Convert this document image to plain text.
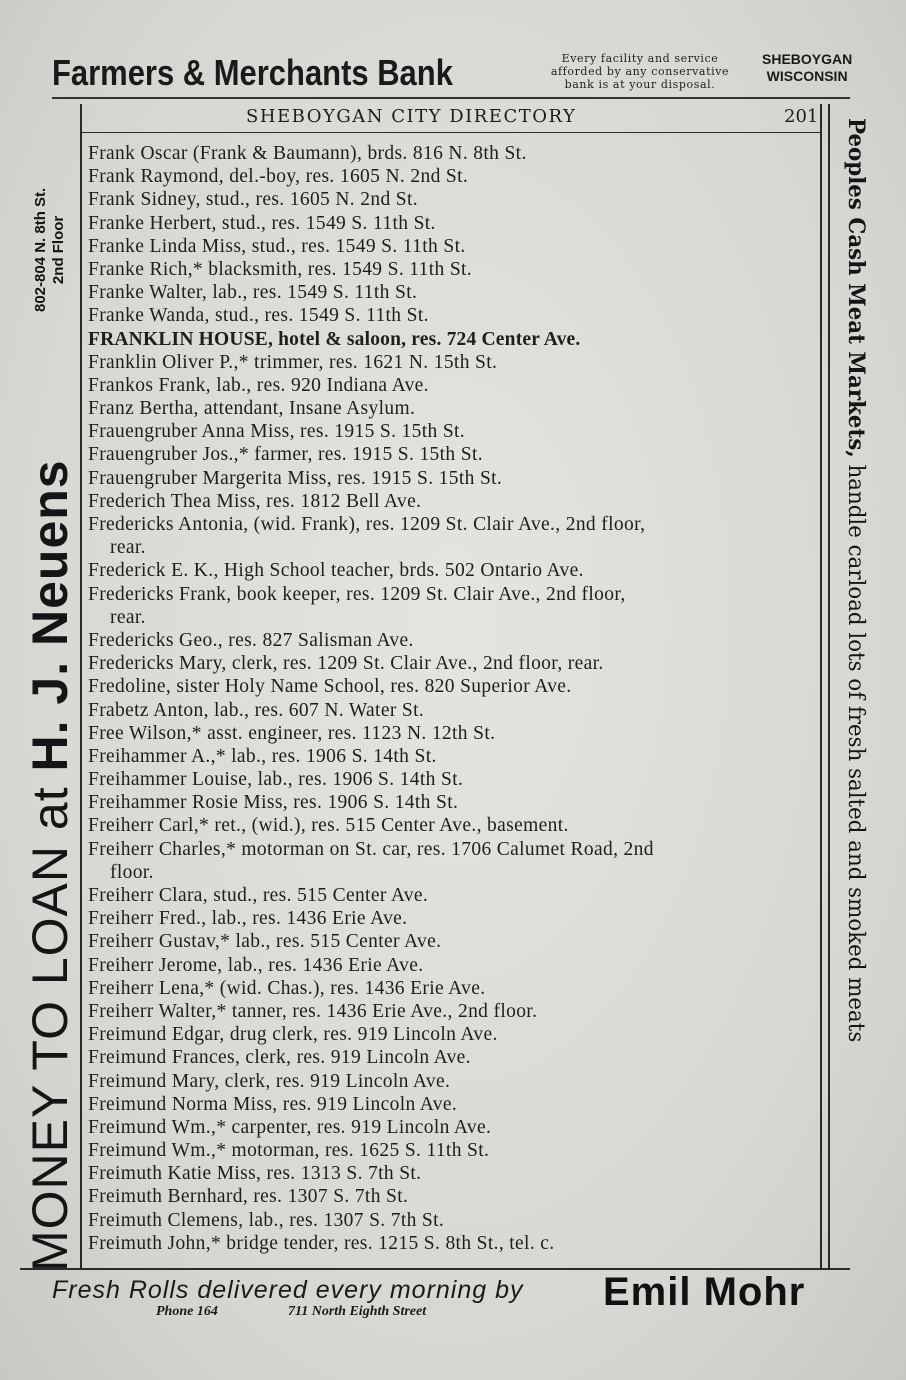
Farmers & Merchants Bank	Every facility and service
afforded by any conservative
bank is at your disposal.
SHEBOYGAN
WISCONSIN
MONEY TO LOAN at H. J. Neuens
802-804 N. 8th St. 2nd Floor	Peoples Cash Meat Markets, handle carload lots of fresh salted and smoked meats
SHEBOYGAN CITY DIRECTORY	201
Frank Oscar (Frank & Baumann), brds. 816 N. 8th St.
Frank Raymond, del.-boy, res. 1605 N. 2nd St.
Frank Sidney, stud., res. 1605 N. 2nd St.
Franke Herbert, stud., res. 1549 S. 11th St.
Franke Linda Miss, stud., res. 1549 S. 11th St.
Franke Rich,* blacksmith, res. 1549 S. 11th St.
Franke Walter, lab., res. 1549 S. 11th St.
Franke Wanda, stud., res. 1549 S. 11th St.
FRANKLIN HOUSE, hotel & saloon, res. 724 Center Ave.
Franklin Oliver P.,* trimmer, res. 1621 N. 15th St.
Frankos Frank, lab., res. 920 Indiana Ave.
Franz Bertha, attendant, Insane Asylum.
Frauengruber Anna Miss, res. 1915 S. 15th St.
Frauengruber Jos.,* farmer, res. 1915 S. 15th St.
Frauengruber Margerita Miss, res. 1915 S. 15th St.
Frederich Thea Miss, res. 1812 Bell Ave.
Fredericks Antonia, (wid. Frank), res. 1209 St. Clair Ave., 2nd floor,
rear.
Frederick E. K., High School teacher, brds. 502 Ontario Ave.
Fredericks Frank, book keeper, res. 1209 St. Clair Ave., 2nd floor,
rear.
Fredericks Geo., res. 827 Salisman Ave.
Fredericks Mary, clerk, res. 1209 St. Clair Ave., 2nd floor, rear.
Fredoline, sister Holy Name School, res. 820 Superior Ave.
Frabetz Anton, lab., res. 607 N. Water St.
Free Wilson,* asst. engineer, res. 1123 N. 12th St.
Freihammer A.,* lab., res. 1906 S. 14th St.
Freihammer Louise, lab., res. 1906 S. 14th St.
Freihammer Rosie Miss, res. 1906 S. 14th St.
Freiherr Carl,* ret., (wid.), res. 515 Center Ave., basement.
Freiherr Charles,* motorman on St. car, res. 1706 Calumet Road, 2nd
floor.
Freiherr Clara, stud., res. 515 Center Ave.
Freiherr Fred., lab., res. 1436 Erie Ave.
Freiherr Gustav,* lab., res. 515 Center Ave.
Freiherr Jerome, lab., res. 1436 Erie Ave.
Freiherr Lena,* (wid. Chas.), res. 1436 Erie Ave.
Freiherr Walter,* tanner, res. 1436 Erie Ave., 2nd floor.
Freimund Edgar, drug clerk, res. 919 Lincoln Ave.
Freimund Frances, clerk, res. 919 Lincoln Ave.
Freimund Mary, clerk, res. 919 Lincoln Ave.
Freimund Norma Miss, res. 919 Lincoln Ave.
Freimund Wm.,* carpenter, res. 919 Lincoln Ave.
Freimund Wm.,* motorman, res. 1625 S. 11th St.
Freimuth Katie Miss, res. 1313 S. 7th St.
Freimuth Bernhard, res. 1307 S. 7th St.
Freimuth Clemens, lab., res. 1307 S. 7th St.
Freimuth John,* bridge tender, res. 1215 S. 8th St., tel. c.
Fresh Rolls delivered every morning by
Phone 164	711 North Eighth Street	Emil Mohr
